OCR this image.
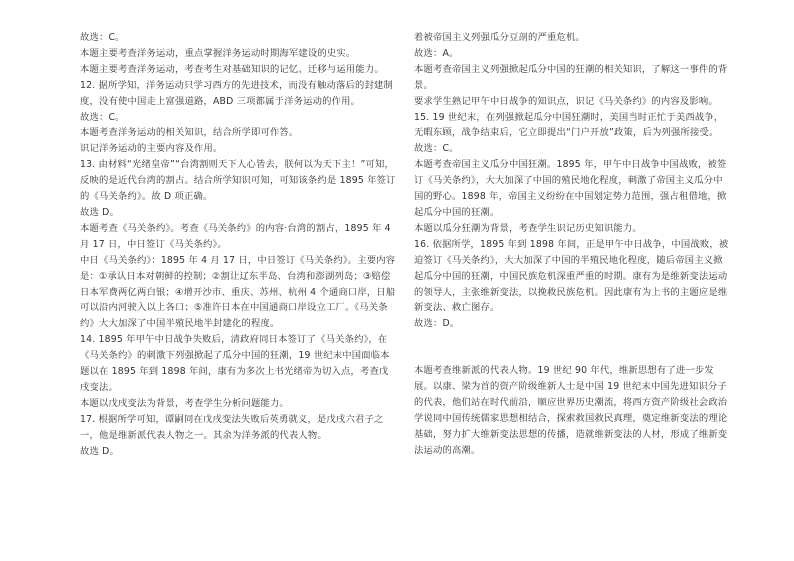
故选：C。

本题主要考查洋务运动，重点掌握洋务运动时期海军建设的史实。

本题主要考查洋务运动，考查考生对基础知识的记忆、迁移与运用能力。

12. 据所学知，洋务运动只学习西方的先进技术，而没有触动落后的封建制度，没有使中国走上富强道路，ABD 三项都属于洋务运动的作用。

故选：C。

本题考查洋务运动的相关知识，结合所学即可作答。

识记洋务运动的主要内容及作用。

13. 由材料“光绪皇帝”“台湾割则天下人心皆去，朕何以为天下主！”可知，反映的是近代台湾的割占。结合所学知识可知，可知该条约是 1895 年签订的《马关条约》。故 D 项正确。

故选 D。

本题考查《马关条约》。考查《马关条约》的内容·台湾的割占，1895 年 4 月 17 日，中日签订《马关条约》。

中日《马关条约》：1895 年 4 月 17 日，中日签订《马关条约》。主要内容是：①承认日本对朝鲜的控制；②割让辽东半岛、台湾和澎湖列岛；③赔偿日本军费两亿两白银；④增开沙市、重庆、苏州、杭州 4 个通商口岸，日船可以沿内河驶入以上各口；⑤准许日本在中国通商口岸设立工厂。《马关条约》大大加深了中国半殖民地半封建化的程度。

14. 1895 年甲午中日战争失败后，清政府同日本签订了《马关条约》，在《马关条约》的刺激下列强掀起了瓜分中国的狂潮，19 世纪末中国面临本题以在 1895 年到 1898 年间，康有为多次上书光绪帝为切入点，考查戊戌变法。

本题以戊戌变法为背景，考查学生分析问题能力。

17. 根据所学可知，谭嗣同在戊戌变法失败后英勇就义，是戊戌六君子之一，他是维新派代表人物之一。其余为洋务派的代表人物。

故选 D。

着被帝国主义列强瓜分豆剖的严重危机。

故选：A。

本题考查帝国主义列强掀起瓜分中国的狂潮的相关知识，了解这一事件的背景。

要求学生熟记甲午中日战争的知识点，识记《马关条约》的内容及影响。

15. 19 世纪末，在列强掀起瓜分中国狂潮时，美国当时正忙于美西战争，无暇东顾，战争结束后，它立即提出“门户开放”政策，后为列强所接受。

故选：C。

本题考查帝国主义瓜分中国狂潮。1895 年，甲午中日战争中国战败，被签订《马关条约》，大大加深了中国的殖民地化程度，刺激了帝国主义瓜分中国的野心。1898 年，帝国主义纷纷在中国划定势力范围，强占租借地，掀起瓜分中国的狂潮。

本题以瓜分狂潮为背景，考查学生识记历史知识能力。

16. 依据所学，1895 年到 1898 年间，正是甲午中日战争，中国战败，被迫签订《马关条约》，大大加深了中国的半殖民地化程度，随后帝国主义掀起瓜分中国的狂潮，中国民族危机深重严重的时期。康有为是维新变法运动的领导人，主张维新变法，以挽救民族危机。因此康有为上书的主题应是维新变法、救亡图存。

故选：D。

本题考查维新派的代表人物。19 世纪 90 年代，维新思想有了进一步发展。以康、梁为首的资产阶级维新人士是中国 19 世纪末中国先进知识分子的代表，他们站在时代前沿，顺应世界历史潮流，将西方资产阶级社会政治学说同中国传统儒家思想相结合，探索救国救民真理，奠定维新变法的理论基础，努力扩大维新变法思想的传播，造就维新变法的人材，形成了维新变法运动的高潮。
